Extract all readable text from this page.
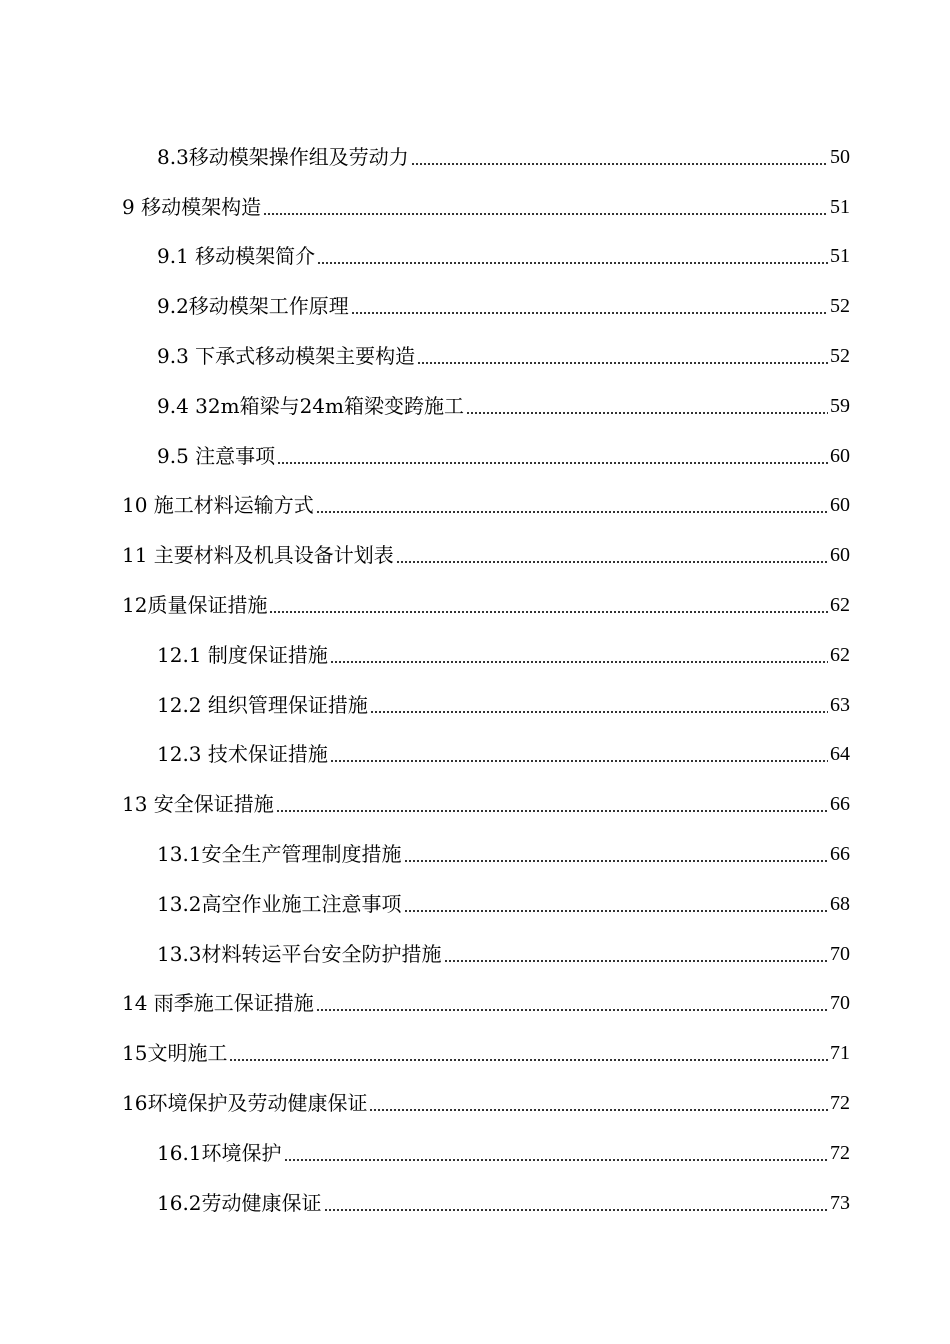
8.3移动模架操作组及劳动力	50
9 移动模架构造	51
9.1 移动模架简介	51
9.2移动模架工作原理	52
9.3 下承式移动模架主要构造	52
9.4 32m箱梁与24m箱梁变跨施工	59
9.5 注意事项	60
10 施工材料运输方式	60
11 主要材料及机具设备计划表	60
12质量保证措施	62
12.1 制度保证措施	62
12.2 组织管理保证措施	63
12.3 技术保证措施	64
13 安全保证措施	66
13.1安全生产管理制度措施	66
13.2高空作业施工注意事项	68
13.3材料转运平台安全防护措施	70
14 雨季施工保证措施	70
15文明施工	71
16环境保护及劳动健康保证	72
16.1环境保护	72
16.2劳动健康保证	73
